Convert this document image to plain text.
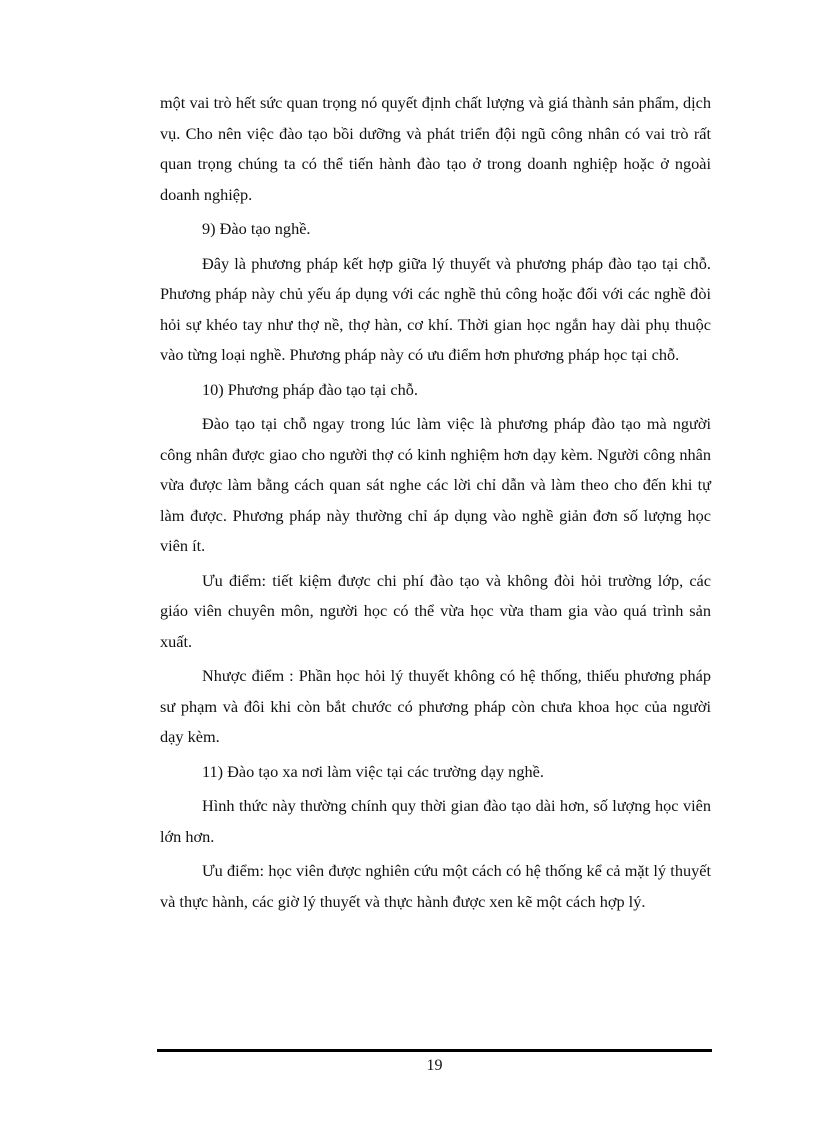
một vai trò hết sức quan trọng nó quyết định chất lượng và giá thành sản phẩm, dịch vụ. Cho nên việc đào tạo bồi dưỡng và phát triển đội ngũ công nhân có vai trò rất quan trọng chúng ta có thể tiến hành đào tạo ở trong doanh nghiệp hoặc ở ngoài doanh nghiệp.

9) Đào tạo nghề.

Đây là phương pháp kết hợp giữa lý thuyết và phương pháp đào tạo tại chỗ. Phương pháp này chủ yếu áp dụng với các nghề thủ công hoặc đối với các nghề đòi hỏi sự khéo tay như thợ nề, thợ hàn, cơ khí. Thời gian học ngắn hay dài phụ thuộc vào từng loại nghề. Phương pháp này có ưu điểm hơn phương pháp học tại chỗ.

10) Phương pháp đào tạo tại chỗ.

Đào tạo tại chỗ ngay trong lúc làm việc là phương pháp đào tạo mà người công nhân được giao cho người thợ có kinh nghiệm hơn dạy kèm. Người công nhân vừa được làm bằng cách quan sát nghe các lời chỉ dẫn và làm theo cho đến khi tự làm được. Phương pháp này thường chỉ áp dụng vào nghề giản đơn số lượng học viên ít.

Ưu điểm: tiết kiệm được chi phí đào tạo và không đòi hỏi trường lớp, các giáo viên chuyên môn, người học có thể vừa học vừa tham gia vào quá trình sản xuất.

Nhược điểm : Phần học hỏi lý thuyết không có hệ thống, thiếu phương pháp sư phạm và đôi khi còn bắt chước có phương pháp còn chưa khoa học của người dạy kèm.

11) Đào tạo xa nơi làm việc tại các trường dạy nghề.

Hình thức này thường chính quy thời gian đào tạo dài hơn, số lượng học viên lớn hơn.

Ưu điểm: học viên được nghiên cứu một cách có hệ thống kể cả mặt lý thuyết và thực hành, các giờ lý thuyết và thực hành được xen kẽ một cách hợp lý.

19
